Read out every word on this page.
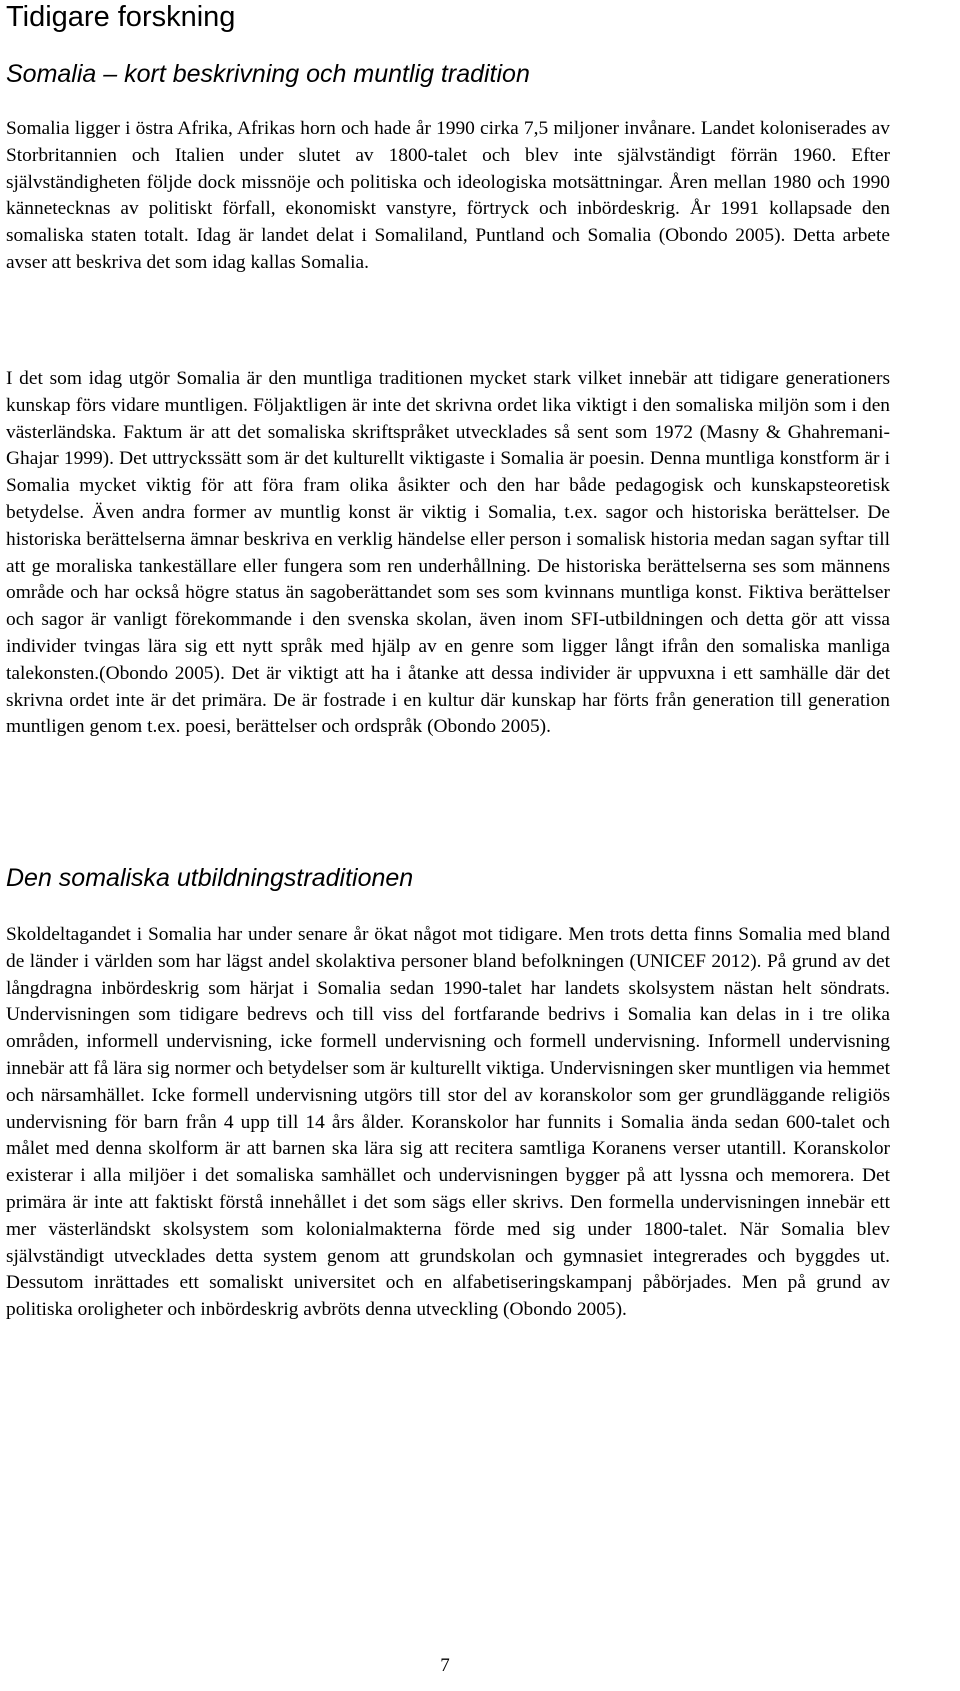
Tidigare forskning
Somalia – kort beskrivning och muntlig tradition

Somalia ligger i östra Afrika, Afrikas horn och hade år 1990 cirka 7,5 miljoner invånare. Landet koloniserades av Storbritannien och Italien under slutet av 1800-talet och blev inte självständigt förrän 1960. Efter självständigheten följde dock missnöje och politiska och ideologiska motsättningar. Åren mellan 1980 och 1990 kännetecknas av politiskt förfall, ekonomiskt vanstyre, förtryck och inbördeskrig. År 1991 kollapsade den somaliska staten totalt. Idag är landet delat i Somaliland, Puntland och Somalia (Obondo 2005). Detta arbete avser att beskriva det som idag kallas Somalia.

I det som idag utgör Somalia är den muntliga traditionen mycket stark vilket innebär att tidigare generationers kunskap förs vidare muntligen. Följaktligen är inte det skrivna ordet lika viktigt i den somaliska miljön som i den västerländska. Faktum är att det somaliska skriftspråket utvecklades så sent som 1972 (Masny & Ghahremani-Ghajar 1999). Det uttryckssätt som är det kulturellt viktigaste i Somalia är poesin. Denna muntliga konstform är i Somalia mycket viktig för att föra fram olika åsikter och den har både pedagogisk och kunskapsteoretisk betydelse. Även andra former av muntlig konst är viktig i Somalia, t.ex. sagor och historiska berättelser. De historiska berättelserna ämnar beskriva en verklig händelse eller person i somalisk historia medan sagan syftar till att ge moraliska tankeställare eller fungera som ren underhållning. De historiska berättelserna ses som männens område och har också högre status än sagoberättandet som ses som kvinnans muntliga konst. Fiktiva berättelser och sagor är vanligt förekommande i den svenska skolan, även inom SFI-utbildningen och detta gör att vissa individer tvingas lära sig ett nytt språk med hjälp av en genre som ligger långt ifrån den somaliska manliga talekonsten.(Obondo 2005). Det är viktigt att ha i åtanke att dessa individer är uppvuxna i ett samhälle där det skrivna ordet inte är det primära. De är fostrade i en kultur där kunskap har förts från generation till generation muntligen genom t.ex. poesi, berättelser och ordspråk (Obondo 2005).

Den somaliska utbildningstraditionen

Skoldeltagandet i Somalia har under senare år ökat något mot tidigare. Men trots detta finns Somalia med bland de länder i världen som har lägst andel skolaktiva personer bland befolkningen (UNICEF 2012). På grund av det långdragna inbördeskrig som härjat i Somalia sedan 1990-talet har landets skolsystem nästan helt söndrats. Undervisningen som tidigare bedrevs och till viss del fortfarande bedrivs i Somalia kan delas in i tre olika områden, informell undervisning, icke formell undervisning och formell undervisning. Informell undervisning innebär att få lära sig normer och betydelser som är kulturellt viktiga. Undervisningen sker muntligen via hemmet och närsamhället. Icke formell undervisning utgörs till stor del av koranskolor som ger grundläggande religiös undervisning för barn från 4 upp till 14 års ålder. Koranskolor har funnits i Somalia ända sedan 600-talet och målet med denna skolform är att barnen ska lära sig att recitera samtliga Koranens verser utantill. Koranskolor existerar i alla miljöer i det somaliska samhället och undervisningen bygger på att lyssna och memorera. Det primära är inte att faktiskt förstå innehållet i det som sägs eller skrivs. Den formella undervisningen innebär ett mer västerländskt skolsystem som kolonialmakterna förde med sig under 1800-talet. När Somalia blev självständigt utvecklades detta system genom att grundskolan och gymnasiet integrerades och byggdes ut. Dessutom inrättades ett somaliskt universitet och en alfabetiseringskampanj påbörjades. Men på grund av politiska oroligheter och inbördeskrig avbröts denna utveckling (Obondo 2005).

7
